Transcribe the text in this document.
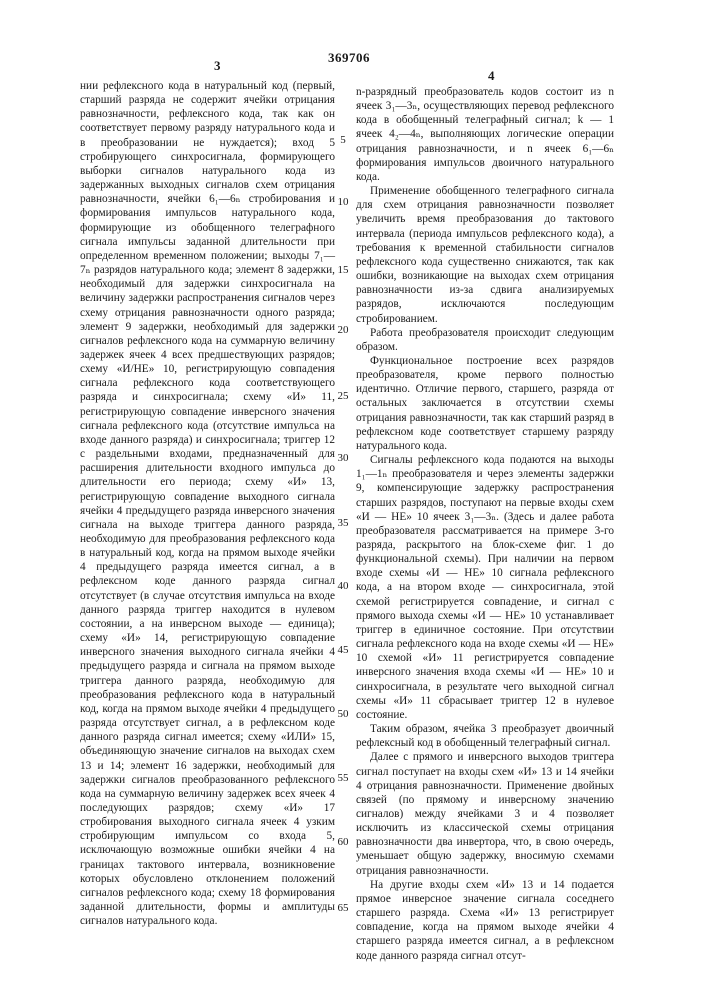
369706
3
4

нии рефлексного кода в натуральный код (первый, старший разряда не содержит ячейки отрицания равнозначности, рефлексного кода, так как он соответствует первому разряду натурального кода и в преобразовании не нуждается); вход 5 стробирующего синхросигнала, формирующего выборки сигналов натурального кода из задержанных выходных сигналов схем отрицания равнозначности, ячейки 6₁—6ₙ стробирования и формирования импульсов натурального кода, формирующие из обобщенного телеграфного сигнала импульсы заданной длительности при определенном временном положении; выходы 7₁—7ₙ разрядов натурального кода; элемент 8 задержки, необходимый для задержки синхросигнала на величину задержки распространения сигналов через схему отрицания равнозначности одного разряда; элемент 9 задержки, необходимый для задержки сигналов рефлексного кода на суммарную величину задержек ячеек 4 всех предшествующих разрядов; схему «И/НЕ» 10, регистрирующую совпадения сигнала рефлексного кода соответствующего разряда и синхросигнала; схему «И» 11, регистрирующую совпадение инверсного значения сигнала рефлексного кода (отсутствие импульса на входе данного разряда) и синхросигнала; триггер 12 с раздельными входами, предназначенный для расширения длительности входного импульса до длительности его периода; схему «И» 13, регистрирующую совпадение выходного сигнала ячейки 4 предыдущего разряда инверсного значения сигнала на выходе триггера данного разряда, необходимую для преобразования рефлексного кода в натуральный код, когда на прямом выходе ячейки 4 предыдущего разряда имеется сигнал, а в рефлексном коде данного разряда сигнал отсутствует (в случае отсутствия импульса на входе данного разряда триггер находится в нулевом состоянии, а на инверсном выходе — единица); схему «И» 14, регистрирующую совпадение инверсного значения выходного сигнала ячейки 4 предыдущего разряда и сигнала на прямом выходе триггера данного разряда, необходимую для преобразования рефлексного кода в натуральный код, когда на прямом выходе ячейки 4 предыдущего разряда отсутствует сигнал, а в рефлексном коде данного разряда сигнал имеется; схему «ИЛИ» 15, объединяющую значение сигналов на выходах схем 13 и 14; элемент 16 задержки, необходимый для задержки сигналов преобразованного рефлексного кода на суммарную величину задержек всех ячеек 4 последующих разрядов; схему «И» 17 стробирования выходного сигнала ячеек 4 узким стробирующим импульсом со входа 5, исключающую возможные ошибки ячейки 4 на границах тактового интервала, возникновение которых обусловлено отклонением положений сигналов рефлексного кода; схему 18 формирования заданной длительности, формы и амплитуды сигналов натурального кода.

n-разрядный преобразователь кодов состоит из n ячеек 3₁—3ₙ, осуществляющих перевод рефлексного кода в обобщенный телеграфный сигнал; k — 1 ячеек 4₂—4ₙ, выполняющих логические операции отрицания равнозначности, и n ячеек 6₁—6ₙ формирования импульсов двоичного натурального кода.

Применение обобщенного телеграфного сигнала для схем отрицания равнозначности позволяет увеличить время преобразования до тактового интервала (периода импульсов рефлексного кода), а требования к временной стабильности сигналов рефлексного кода существенно снижаются, так как ошибки, возникающие на выходах схем отрицания равнозначности из-за сдвига анализируемых разрядов, исключаются последующим стробированием.

Работа преобразователя происходит следующим образом.

Функциональное построение всех разрядов преобразователя, кроме первого полностью идентично. Отличие первого, старшего, разряда от остальных заключается в отсутствии схемы отрицания равнозначности, так как старший разряд в рефлексном коде соответствует старшему разряду натурального кода.

Сигналы рефлексного кода подаются на выходы 1₁—1ₙ преобразователя и через элементы задержки 9, компенсирующие задержку распространения старших разрядов, поступают на первые входы схем «И — НЕ» 10 ячеек 3₁—3ₙ. (Здесь и далее работа преобразователя рассматривается на примере 3-го разряда, раскрытого на блок-схеме фиг. 1 до функциональной схемы). При наличии на первом входе схемы «И — НЕ» 10 сигнала рефлексного кода, а на втором входе — синхросигнала, этой схемой регистрируется совпадение, и сигнал с прямого выхода схемы «И — НЕ» 10 устанавливает триггер в единичное состояние. При отсутствии сигнала рефлексного кода на входе схемы «И — НЕ» 10 схемой «И» 11 регистрируется совпадение инверсного значения входа схемы «И — НЕ» 10 и синхросигнала, в результате чего выходной сигнал схемы «И» 11 сбрасывает триггер 12 в нулевое состояние.

Таким образом, ячейка 3 преобразует двоичный рефлексный код в обобщенный телеграфный сигнал.

Далее с прямого и инверсного выходов триггера сигнал поступает на входы схем «И» 13 и 14 ячейки 4 отрицания равнозначности. Применение двойных связей (по прямому и инверсному значению сигналов) между ячейками 3 и 4 позволяет исключить из классической схемы отрицания равнозначности два инвертора, что, в свою очередь, уменьшает общую задержку, вносимую схемами отрицания равнозначности.

На другие входы схем «И» 13 и 14 подается прямое инверсное значение сигнала соседнего старшего разряда. Схема «И» 13 регистрирует совпадение, когда на прямом выходе ячейки 4 старшего разряда имеется сигнал, а в рефлексном коде данного разряда сигнал отсут-

5
10
15
20
25
30
35
40
45
50
55
60
65
